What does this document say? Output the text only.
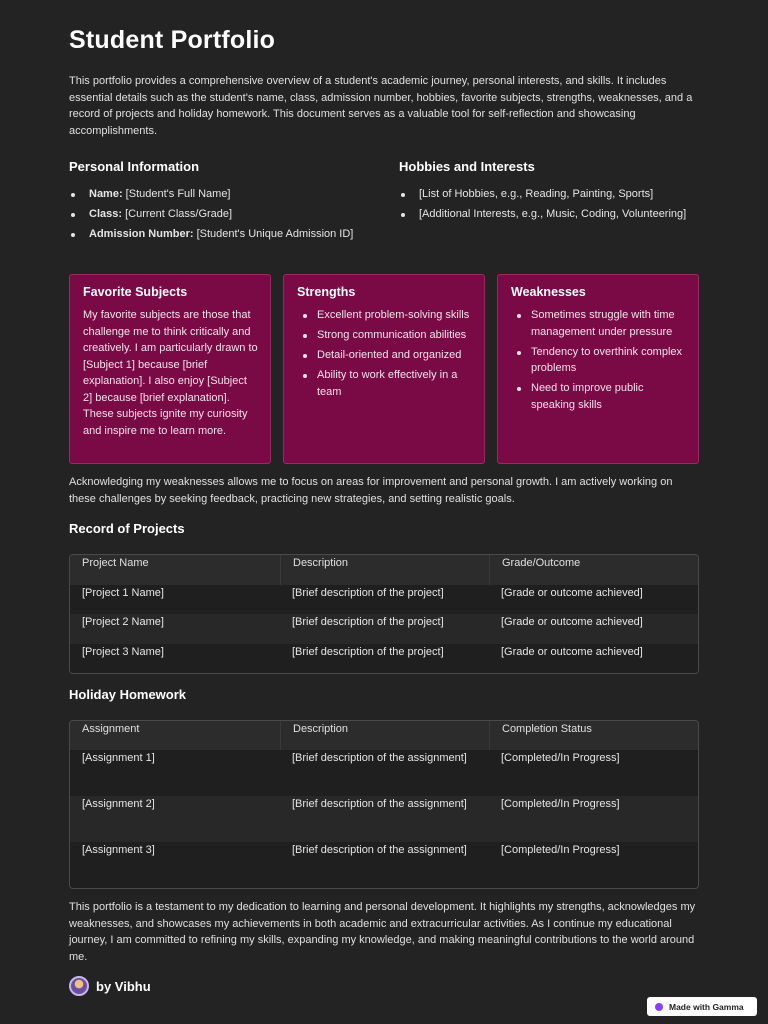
Student Portfolio

This portfolio provides a comprehensive overview of a student's academic journey, personal interests, and skills. It includes essential details such as the student's name, class, admission number, hobbies, favorite subjects, strengths, weaknesses, and a record of projects and holiday homework. This document serves as a valuable tool for self-reflection and showcasing accomplishments.

Personal Information
Name: [Student's Full Name]
Class: [Current Class/Grade]
Admission Number: [Student's Unique Admission ID]
Hobbies and Interests
[List of Hobbies, e.g., Reading, Painting, Sports]
[Additional Interests, e.g., Music, Coding, Volunteering]
Favorite Subjects

My favorite subjects are those that challenge me to think critically and creatively. I am particularly drawn to [Subject 1] because [brief explanation]. I also enjoy [Subject 2] because [brief explanation]. These subjects ignite my curiosity and inspire me to learn more.

Strengths
Excellent problem-solving skills
Strong communication abilities
Detail-oriented and organized
Ability to work effectively in a team
Weaknesses
Sometimes struggle with time management under pressure
Tendency to overthink complex problems
Need to improve public speaking skills

Acknowledging my weaknesses allows me to focus on areas for improvement and personal growth. I am actively working on these challenges by seeking feedback, practicing new strategies, and setting realistic goals.

Record of Projects
Project Name	Description	Grade/Outcome
[Project 1 Name]	[Brief description of the project]	[Grade or outcome achieved]
[Project 2 Name]	[Brief description of the project]	[Grade or outcome achieved]
[Project 3 Name]	[Brief description of the project]	[Grade or outcome achieved]
Holiday Homework
Assignment	Description	Completion Status
[Assignment 1]	[Brief description of the assignment]	[Completed/In Progress]
[Assignment 2]	[Brief description of the assignment]	[Completed/In Progress]
[Assignment 3]	[Brief description of the assignment]	[Completed/In Progress]

This portfolio is a testament to my dedication to learning and personal development. It highlights my strengths, acknowledges my weaknesses, and showcases my achievements in both academic and extracurricular activities. As I continue my educational journey, I am committed to refining my skills, expanding my knowledge, and making meaningful contributions to the world around me.

by Vibhu
Made with Gamma
